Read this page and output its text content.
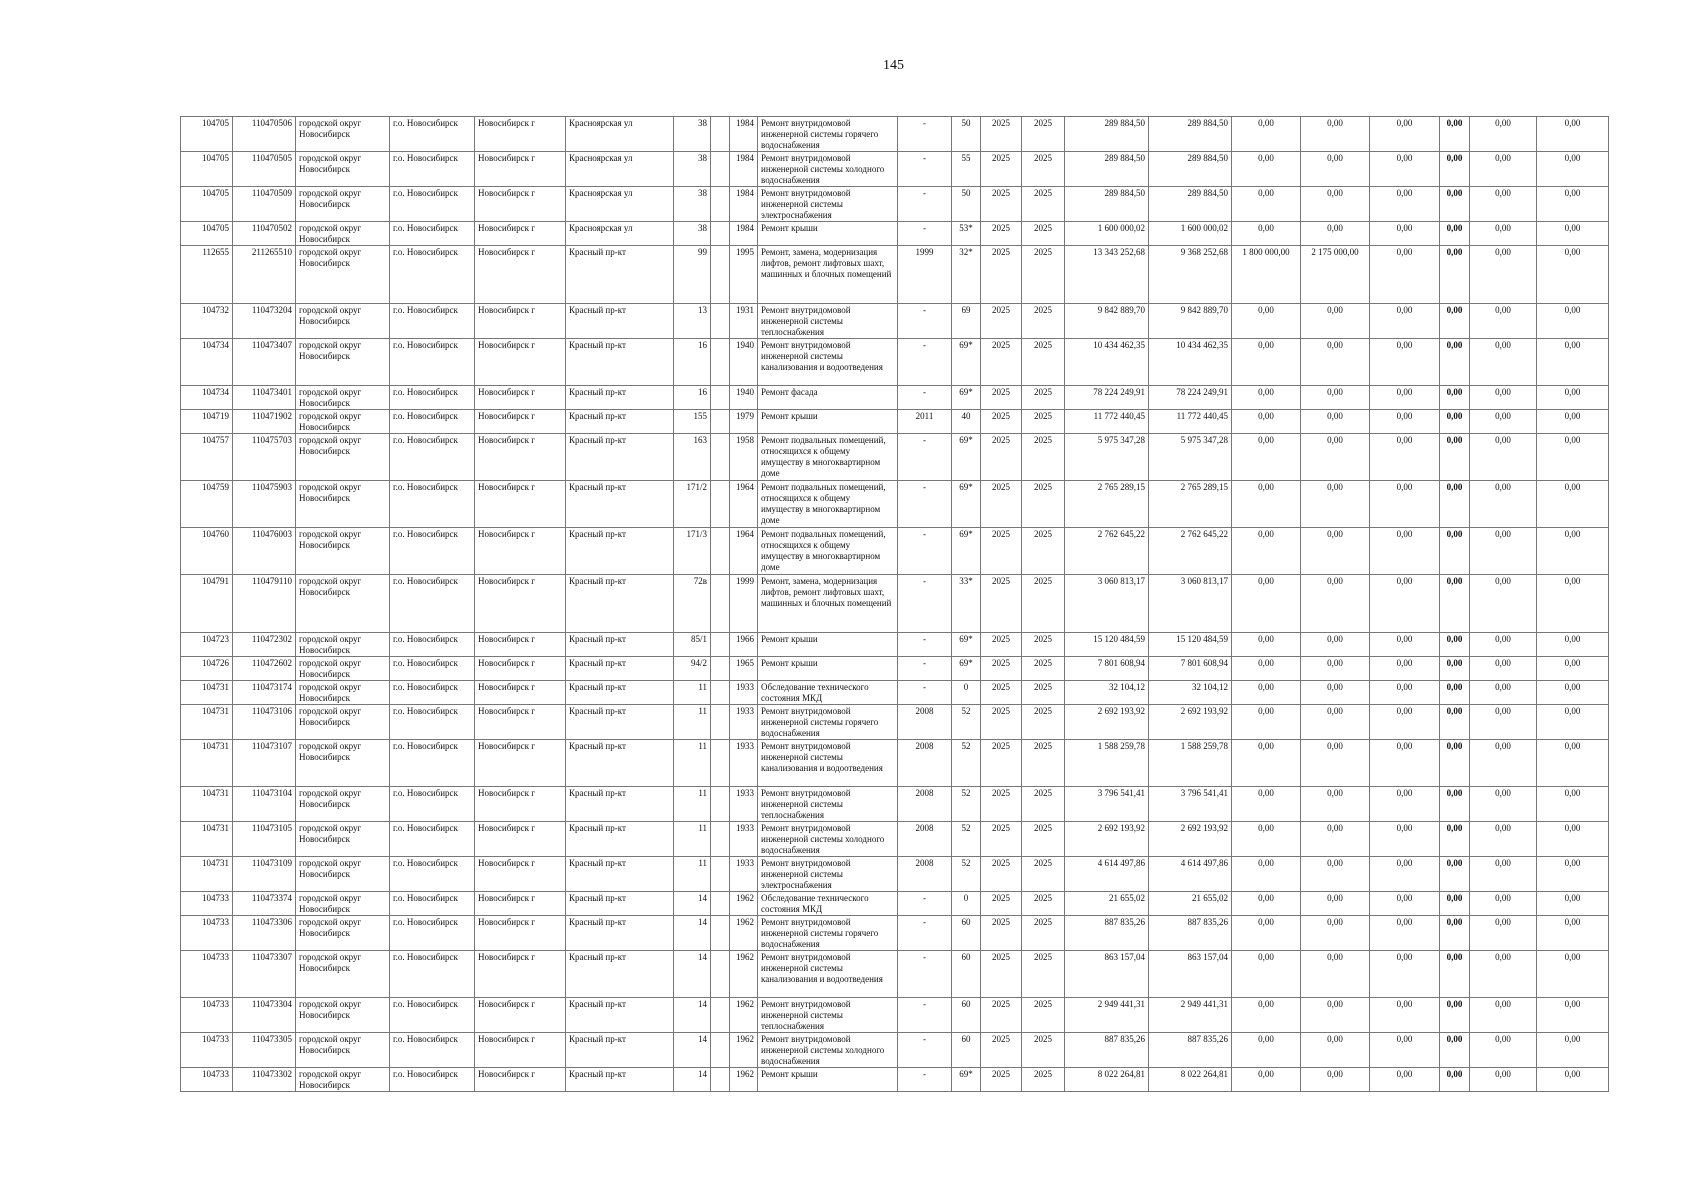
145
104705	110470506	городской округ Новосибирск	г.о. Новосибирск	Новосибирск г	Красноярская ул	38		1984	Ремонт внутридомовой инженерной системы горячего водоснабжения	-	50	2025	2025	289 884,50	289 884,50	0,00	0,00	0,00	0,00	0,00	0,00
104705	110470505	городской округ Новосибирск	г.о. Новосибирск	Новосибирск г	Красноярская ул	38		1984	Ремонт внутридомовой инженерной системы холодного водоснабжения	-	55	2025	2025	289 884,50	289 884,50	0,00	0,00	0,00	0,00	0,00	0,00
104705	110470509	городской округ Новосибирск	г.о. Новосибирск	Новосибирск г	Красноярская ул	38		1984	Ремонт внутридомовой инженерной системы электроснабжения	-	50	2025	2025	289 884,50	289 884,50	0,00	0,00	0,00	0,00	0,00	0,00
104705	110470502	городской округ Новосибирск	г.о. Новосибирск	Новосибирск г	Красноярская ул	38		1984	Ремонт крыши	-	53*	2025	2025	1 600 000,02	1 600 000,02	0,00	0,00	0,00	0,00	0,00	0,00
112655	211265510	городской округ Новосибирск	г.о. Новосибирск	Новосибирск г	Красный пр-кт	99		1995	Ремонт, замена, модернизация лифтов, ремонт лифтовых шахт, машинных и блочных помещений	1999	32*	2025	2025	13 343 252,68	9 368 252,68	1 800 000,00	2 175 000,00	0,00	0,00	0,00	0,00
104732	110473204	городской округ Новосибирск	г.о. Новосибирск	Новосибирск г	Красный пр-кт	13		1931	Ремонт внутридомовой инженерной системы теплоснабжения	-	69	2025	2025	9 842 889,70	9 842 889,70	0,00	0,00	0,00	0,00	0,00	0,00
104734	110473407	городской округ Новосибирск	г.о. Новосибирск	Новосибирск г	Красный пр-кт	16		1940	Ремонт внутридомовой инженерной системы канализования и водоотведения	-	69*	2025	2025	10 434 462,35	10 434 462,35	0,00	0,00	0,00	0,00	0,00	0,00
104734	110473401	городской округ Новосибирск	г.о. Новосибирск	Новосибирск г	Красный пр-кт	16		1940	Ремонт фасада	-	69*	2025	2025	78 224 249,91	78 224 249,91	0,00	0,00	0,00	0,00	0,00	0,00
104719	110471902	городской округ Новосибирск	г.о. Новосибирск	Новосибирск г	Красный пр-кт	155		1979	Ремонт крыши	2011	40	2025	2025	11 772 440,45	11 772 440,45	0,00	0,00	0,00	0,00	0,00	0,00
104757	110475703	городской округ Новосибирск	г.о. Новосибирск	Новосибирск г	Красный пр-кт	163		1958	Ремонт подвальных помещений, относящихся к общему имуществу в многоквартирном доме	-	69*	2025	2025	5 975 347,28	5 975 347,28	0,00	0,00	0,00	0,00	0,00	0,00
104759	110475903	городской округ Новосибирск	г.о. Новосибирск	Новосибирск г	Красный пр-кт	171/2		1964	Ремонт подвальных помещений, относящихся к общему имуществу в многоквартирном доме	-	69*	2025	2025	2 765 289,15	2 765 289,15	0,00	0,00	0,00	0,00	0,00	0,00
104760	110476003	городской округ Новосибирск	г.о. Новосибирск	Новосибирск г	Красный пр-кт	171/3		1964	Ремонт подвальных помещений, относящихся к общему имуществу в многоквартирном доме	-	69*	2025	2025	2 762 645,22	2 762 645,22	0,00	0,00	0,00	0,00	0,00	0,00
104791	110479110	городской округ Новосибирск	г.о. Новосибирск	Новосибирск г	Красный пр-кт	72в		1999	Ремонт, замена, модернизация лифтов, ремонт лифтовых шахт, машинных и блочных помещений	-	33*	2025	2025	3 060 813,17	3 060 813,17	0,00	0,00	0,00	0,00	0,00	0,00
104723	110472302	городской округ Новосибирск	г.о. Новосибирск	Новосибирск г	Красный пр-кт	85/1		1966	Ремонт крыши	-	69*	2025	2025	15 120 484,59	15 120 484,59	0,00	0,00	0,00	0,00	0,00	0,00
104726	110472602	городской округ Новосибирск	г.о. Новосибирск	Новосибирск г	Красный пр-кт	94/2		1965	Ремонт крыши	-	69*	2025	2025	7 801 608,94	7 801 608,94	0,00	0,00	0,00	0,00	0,00	0,00
104731	110473174	городской округ Новосибирск	г.о. Новосибирск	Новосибирск г	Красный пр-кт	11		1933	Обследование технического состояния МКД	-	0	2025	2025	32 104,12	32 104,12	0,00	0,00	0,00	0,00	0,00	0,00
104731	110473106	городской округ Новосибирск	г.о. Новосибирск	Новосибирск г	Красный пр-кт	11		1933	Ремонт внутридомовой инженерной системы горячего водоснабжения	2008	52	2025	2025	2 692 193,92	2 692 193,92	0,00	0,00	0,00	0,00	0,00	0,00
104731	110473107	городской округ Новосибирск	г.о. Новосибирск	Новосибирск г	Красный пр-кт	11		1933	Ремонт внутридомовой инженерной системы канализования и водоотведения	2008	52	2025	2025	1 588 259,78	1 588 259,78	0,00	0,00	0,00	0,00	0,00	0,00
104731	110473104	городской округ Новосибирск	г.о. Новосибирск	Новосибирск г	Красный пр-кт	11		1933	Ремонт внутридомовой инженерной системы теплоснабжения	2008	52	2025	2025	3 796 541,41	3 796 541,41	0,00	0,00	0,00	0,00	0,00	0,00
104731	110473105	городской округ Новосибирск	г.о. Новосибирск	Новосибирск г	Красный пр-кт	11		1933	Ремонт внутридомовой инженерной системы холодного водоснабжения	2008	52	2025	2025	2 692 193,92	2 692 193,92	0,00	0,00	0,00	0,00	0,00	0,00
104731	110473109	городской округ Новосибирск	г.о. Новосибирск	Новосибирск г	Красный пр-кт	11		1933	Ремонт внутридомовой инженерной системы электроснабжения	2008	52	2025	2025	4 614 497,86	4 614 497,86	0,00	0,00	0,00	0,00	0,00	0,00
104733	110473374	городской округ Новосибирск	г.о. Новосибирск	Новосибирск г	Красный пр-кт	14		1962	Обследование технического состояния МКД	-	0	2025	2025	21 655,02	21 655,02	0,00	0,00	0,00	0,00	0,00	0,00
104733	110473306	городской округ Новосибирск	г.о. Новосибирск	Новосибирск г	Красный пр-кт	14		1962	Ремонт внутридомовой инженерной системы горячего водоснабжения	-	60	2025	2025	887 835,26	887 835,26	0,00	0,00	0,00	0,00	0,00	0,00
104733	110473307	городской округ Новосибирск	г.о. Новосибирск	Новосибирск г	Красный пр-кт	14		1962	Ремонт внутридомовой инженерной системы канализования и водоотведения	-	60	2025	2025	863 157,04	863 157,04	0,00	0,00	0,00	0,00	0,00	0,00
104733	110473304	городской округ Новосибирск	г.о. Новосибирск	Новосибирск г	Красный пр-кт	14		1962	Ремонт внутридомовой инженерной системы теплоснабжения	-	60	2025	2025	2 949 441,31	2 949 441,31	0,00	0,00	0,00	0,00	0,00	0,00
104733	110473305	городской округ Новосибирск	г.о. Новосибирск	Новосибирск г	Красный пр-кт	14		1962	Ремонт внутридомовой инженерной системы холодного водоснабжения	-	60	2025	2025	887 835,26	887 835,26	0,00	0,00	0,00	0,00	0,00	0,00
104733	110473302	городской округ Новосибирск	г.о. Новосибирск	Новосибирск г	Красный пр-кт	14		1962	Ремонт крыши	-	69*	2025	2025	8 022 264,81	8 022 264,81	0,00	0,00	0,00	0,00	0,00	0,00
